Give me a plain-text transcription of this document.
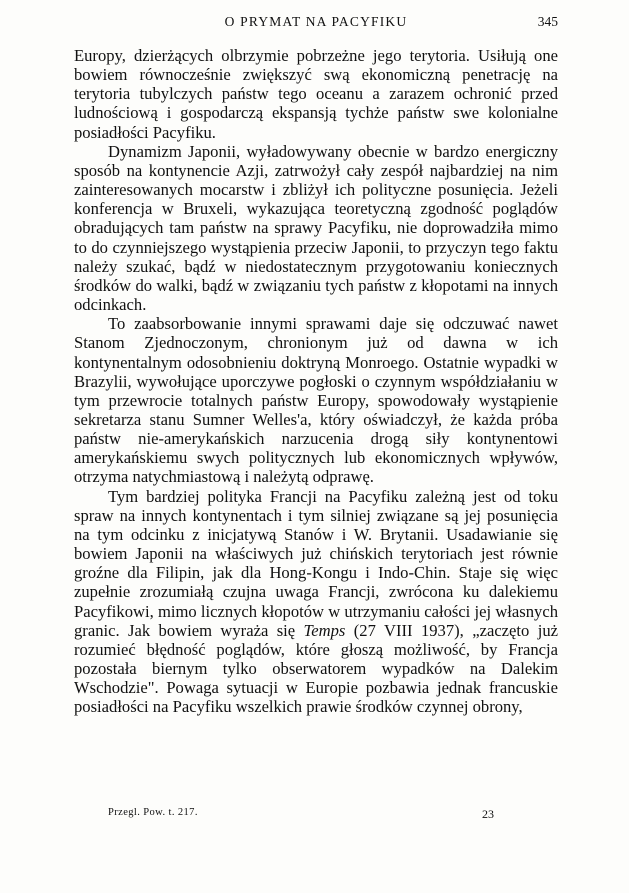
O PRYMAT NA PACYFIKU	345

Europy, dzierżących olbrzymie pobrzeżne jego terytoria. Usiłują one bowiem równocześnie zwiększyć swą ekonomiczną penetrację na terytoria tubylczych państw tego oceanu a zarazem ochronić przed ludnościową i gospodarczą ekspansją tychże państw swe kolonialne posiadłości Pacyfiku.

Dynamizm Japonii, wyładowywany obecnie w bardzo energiczny sposób na kontynencie Azji, zatrwożył cały zespół najbardziej na nim zainteresowanych mocarstw i zbliżył ich polityczne posunięcia. Jeżeli konferencja w Bruxeli, wykazująca teoretyczną zgodność poglądów obradujących tam państw na sprawy Pacyfiku, nie doprowadziła mimo to do czynniejszego wystąpienia przeciw Japonii, to przyczyn tego faktu należy szukać, bądź w niedostatecznym przygotowaniu koniecznych środków do walki, bądź w związaniu tych państw z kłopotami na innych odcinkach.

To zaabsorbowanie innymi sprawami daje się odczuwać nawet Stanom Zjednoczonym, chronionym już od dawna w ich kontynentalnym odosobnieniu doktryną Monroego. Ostatnie wypadki w Brazylii, wywołujące uporczywe pogłoski o czynnym współdziałaniu w tym przewrocie totalnych państw Europy, spowodowały wystąpienie sekretarza stanu Sumner Welles'a, który oświadczył, że każda próba państw nie-amerykańskich narzucenia drogą siły kontynentowi amerykańskiemu swych politycznych lub ekonomicznych wpływów, otrzyma natychmiastową i należytą odprawę.

Tym bardziej polityka Francji na Pacyfiku zależną jest od toku spraw na innych kontynentach i tym silniej związane są jej posunięcia na tym odcinku z inicjatywą Stanów i W. Brytanii. Usadawianie się bowiem Japonii na właściwych już chińskich terytoriach jest równie groźne dla Filipin, jak dla Hong-Kongu i Indo-Chin. Staje się więc zupełnie zrozumiałą czujna uwaga Francji, zwrócona ku dalekiemu Pacyfikowi, mimo licznych kłopotów w utrzymaniu całości jej własnych granic. Jak bowiem wyraża się Temps (27 VIII 1937), „zaczęto już rozumieć błędność poglądów, które głoszą możliwość, by Francja pozostała biernym tylko obserwatorem wypadków na Dalekim Wschodzie". Powaga sytuacji w Europie pozbawia jednak francuskie posiadłości na Pacyfiku wszelkich prawie środków czynnej obrony,

Przegl. Pow. t. 217.	23
